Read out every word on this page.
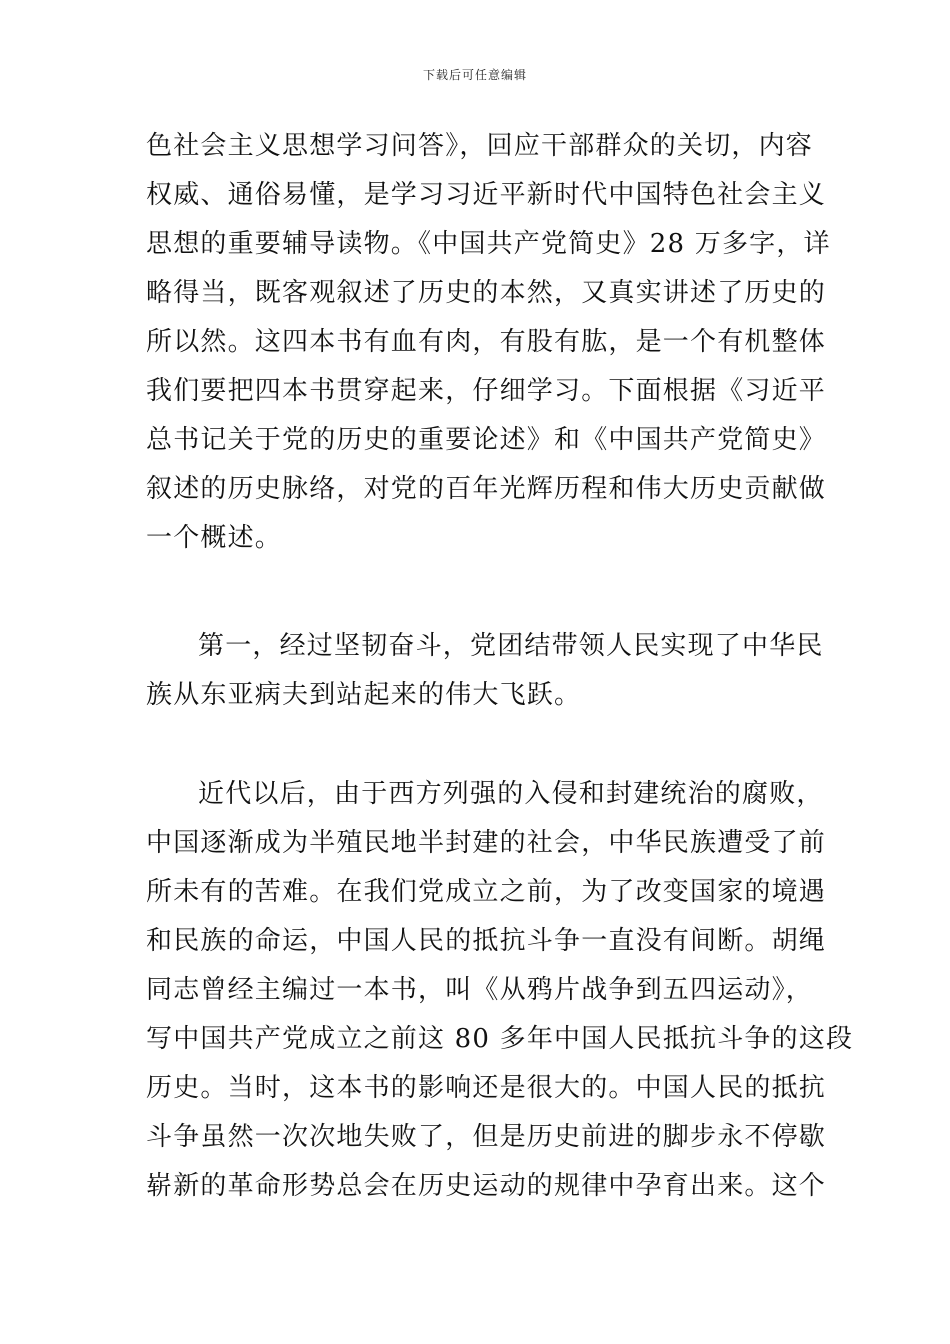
下载后可任意编辑
色社会主义思想学习问答》，回应干部群众的关切，内容
权威、通俗易懂，是学习习近平新时代中国特色社会主义
思想的重要辅导读物。《中国共产党简史》28 万多字，详
略得当，既客观叙述了历史的本然，又真实讲述了历史的
所以然。这四本书有血有肉，有股有肱，是一个有机整体
我们要把四本书贯穿起来，仔细学习。下面根据《习近平
总书记关于党的历史的重要论述》和《中国共产党简史》
叙述的历史脉络，对党的百年光辉历程和伟大历史贡献做
一个概述。
第一，经过坚韧奋斗，党团结带领人民实现了中华民
族从东亚病夫到站起来的伟大飞跃。
近代以后，由于西方列强的入侵和封建统治的腐败，
中国逐渐成为半殖民地半封建的社会，中华民族遭受了前
所未有的苦难。在我们党成立之前，为了改变国家的境遇
和民族的命运，中国人民的抵抗斗争一直没有间断。胡绳
同志曾经主编过一本书，叫《从鸦片战争到五四运动》，
写中国共产党成立之前这 80 多年中国人民抵抗斗争的这段
历史。当时，这本书的影响还是很大的。中国人民的抵抗
斗争虽然一次次地失败了，但是历史前进的脚步永不停歇
崭新的革命形势总会在历史运动的规律中孕育出来。这个
